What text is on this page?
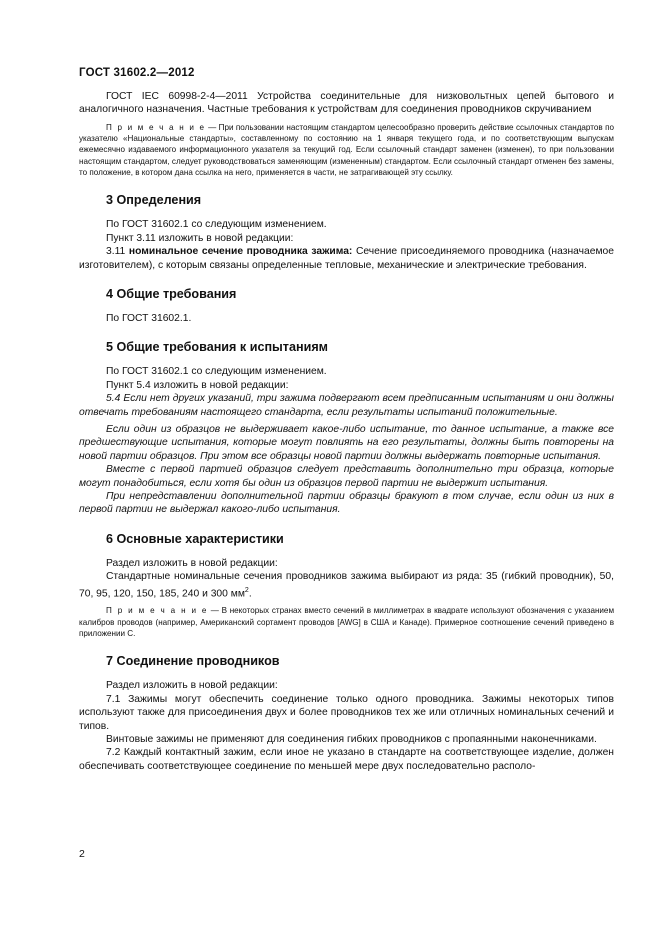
ГОСТ 31602.2—2012

ГОСТ IEC 60998-2-4—2011 Устройства соединительные для низковольтных цепей бытового и аналогичного назначения. Частные требования к устройствам для соединения проводников скручиванием

П р и м е ч а н и е — При пользовании настоящим стандартом целесообразно проверить действие ссылочных стандартов по указателю «Национальные стандарты», составленному по состоянию на 1 января текущего года, и по соответствующим выпускам ежемесячно издаваемого информационного указателя за текущий год. Если ссылочный стандарт заменен (изменен), то при пользовании настоящим стандартом, следует руководствоваться заменяющим (измененным) стандартом. Если ссылочный стандарт отменен без замены, то положение, в котором дана ссылка на него, применяется в части, не затрагивающей эту ссылку.

3 Определения

По ГОСТ 31602.1 со следующим изменением.

Пункт 3.11 изложить в новой редакции:

3.11 номинальное сечение проводника зажима: Сечение присоединяемого проводника (назначаемое изготовителем), с которым связаны определенные тепловые, механические и электрические требования.

4 Общие требования

По ГОСТ 31602.1.

5 Общие требования к испытаниям

По ГОСТ 31602.1 со следующим изменением.

Пункт 5.4 изложить в новой редакции:

5.4 Если нет других указаний, три зажима подвергают всем предписанным испытаниям и они должны отвечать требованиям настоящего стандарта, если результаты испытаний положительные.

Если один из образцов не выдерживает какое-либо испытание, то данное испытание, а также все предшествующие испытания, которые могут повлиять на его результаты, должны быть повторены на новой партии образцов. При этом все образцы новой партии должны выдержать повторные испытания.

Вместе с первой партией образцов следует представить дополнительно три образца, которые могут понадобиться, если хотя бы один из образцов первой партии не выдержит испытания.

При непредставлении дополнительной партии образцы бракуют в том случае, если один из них в первой партии не выдержал какого-либо испытания.

6 Основные характеристики

Раздел изложить в новой редакции:

Стандартные номинальные сечения проводников зажима выбирают из ряда: 35 (гибкий проводник), 50, 70, 95, 120, 150, 185, 240 и 300 $мм^2$.

П р и м е ч а н и е — В некоторых странах вместо сечений в миллиметрах в квадрате используют обозначения с указанием калибров проводов (например, Американский сортамент проводов [AWG] в США и Канаде). Примерное соотношение сечений приведено в приложении С.

7 Соединение проводников

Раздел изложить в новой редакции:

7.1 Зажимы могут обеспечить соединение только одного проводника. Зажимы некоторых типов используют также для присоединения двух и более проводников тех же или отличных номинальных сечений и типов.

Винтовые зажимы не применяют для соединения гибких проводников с пропаянными наконечниками.

7.2 Каждый контактный зажим, если иное не указано в стандарте на соответствующее изделие, должен обеспечивать соответствующее соединение по меньшей мере двух последовательно располо-

2
